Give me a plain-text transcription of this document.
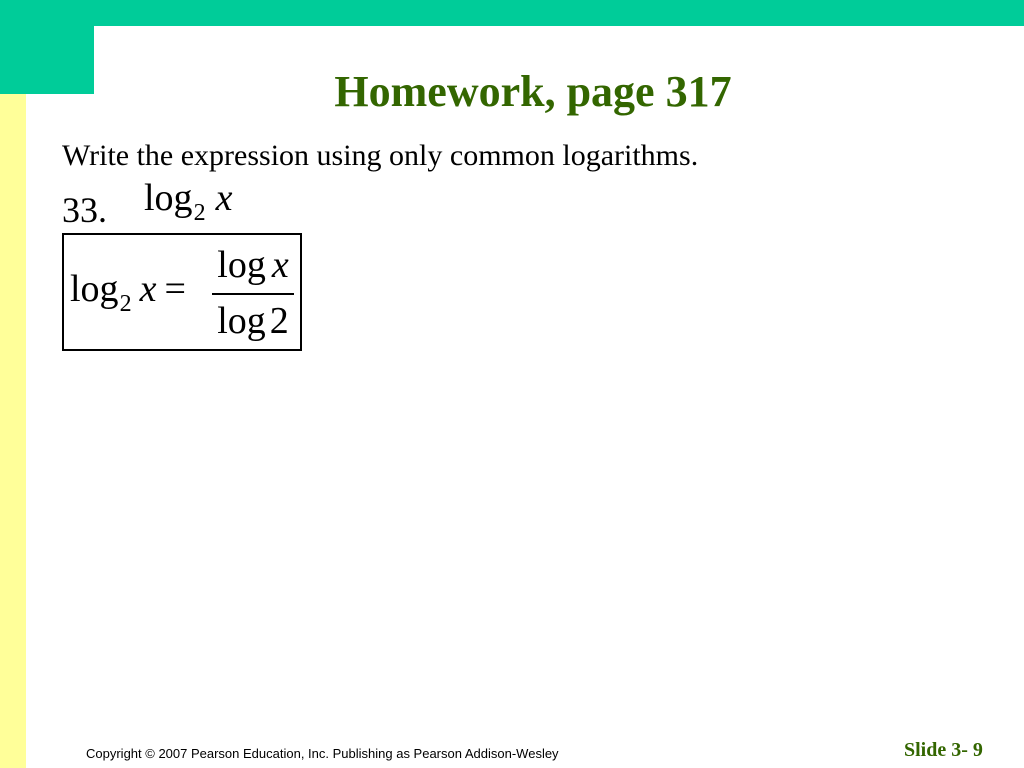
Homework, page 317
Write the expression using only common logarithms.
33. $\log_2 x$
$\log_2 x$ =
log x
log 2
Copyright © 2007 Pearson Education, Inc. Publishing as Pearson Addison-Wesley	Slide 3- 9
